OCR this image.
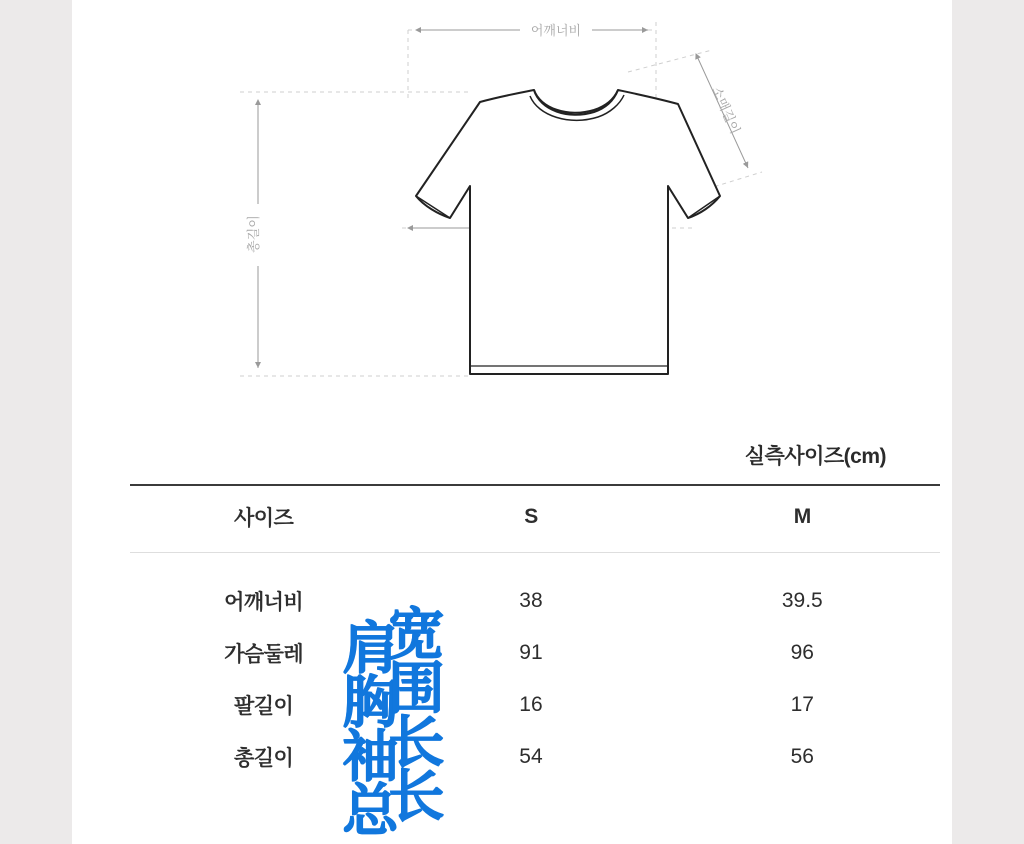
어깨너비
총길이
소매길이
실측사이즈(cm)
사이즈	S	M

어깨너비	38	39.5
가슴둘레	91	96
팔길이	16	17
총길이	54	56
肩胸袖总
宽围长长
